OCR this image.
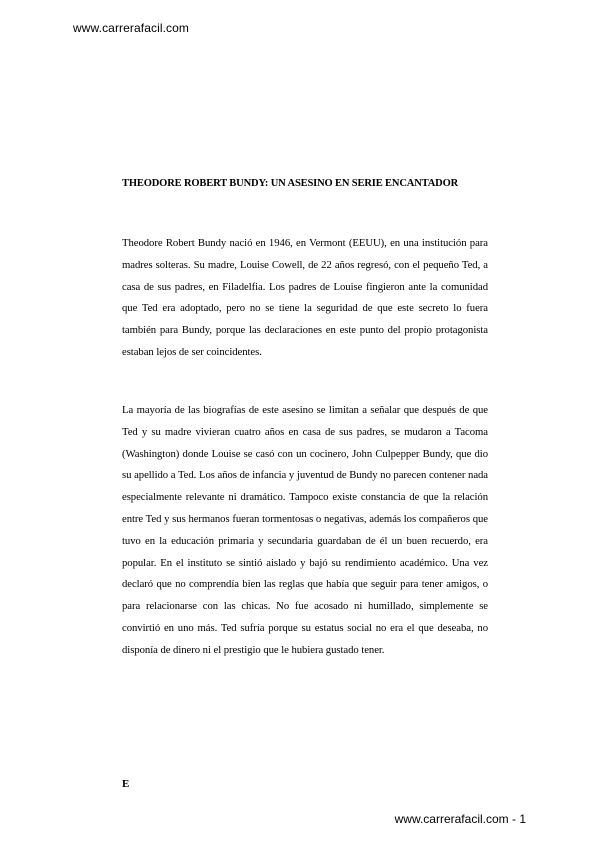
www.carrerafacil.com
THEODORE ROBERT BUNDY: UN ASESINO EN SERIE ENCANTADOR

Theodore Robert Bundy nació en 1946, en Vermont (EEUU), en una institución para madres solteras. Su madre, Louise Cowell, de 22 años regresó, con el pequeño Ted, a casa de sus padres, en Filadelfia. Los padres de Louise fingieron ante la comunidad que Ted era adoptado, pero no se tiene la seguridad de que este secreto lo fuera también para Bundy, porque las declaraciones en este punto del propio protagonista estaban lejos de ser coincidentes.

La mayoría de las biografías de este asesino se limitan a señalar que después de que Ted y su madre vivieran cuatro años en casa de sus padres, se mudaron a Tacoma (Washington) donde Louise se casó con un cocinero, John Culpepper Bundy, que dio su apellido a Ted. Los años de infancia y juventud de Bundy no parecen contener nada especialmente relevante ni dramático. Tampoco existe constancia de que la relación entre Ted y sus hermanos fueran tormentosas o negativas, además los compañeros que tuvo en la educación primaria y secundaria guardaban de él un buen recuerdo, era popular. En el instituto se sintió aislado y bajó su rendimiento académico. Una vez declaró que no comprendía bien las reglas que había que seguir para tener amigos, o para relacionarse con las chicas. No fue acosado ni humillado, simplemente se convirtió en uno más. Ted sufría porque su estatus social no era el que deseaba, no disponía de dinero ni el prestigio que le hubiera gustado tener.

E
www.carrerafacil.com - 1
